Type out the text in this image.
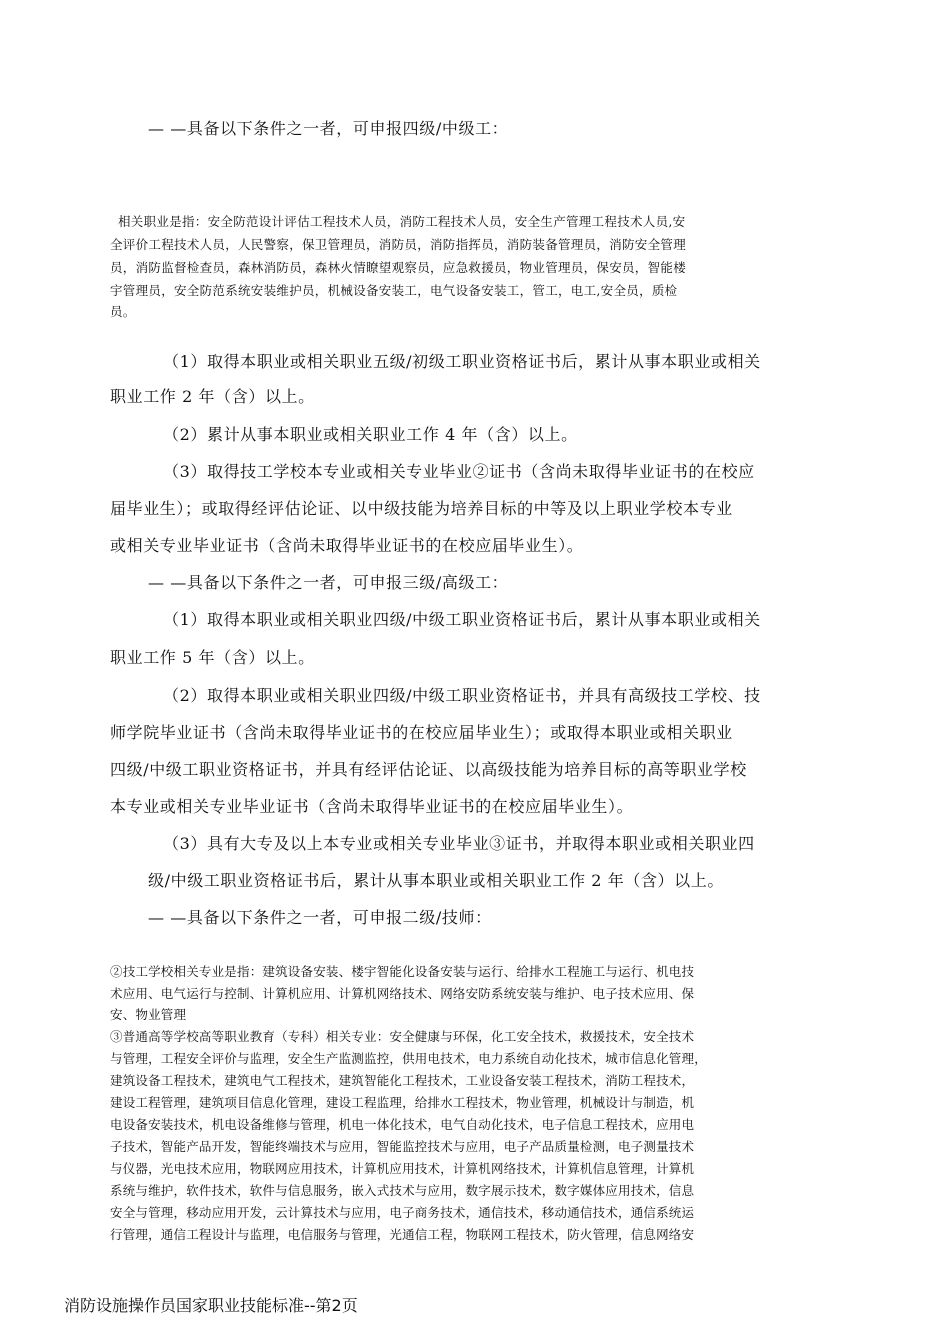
— —具备以下条件之一者，可申报四级/中级工：
相关职业是指：安全防范设计评估工程技术人员，消防工程技术人员，安全生产管理工程技术人员,安
全评价工程技术人员，人民警察，保卫管理员，消防员，消防指挥员，消防装备管理员，消防安全管理
员，消防监督检查员，森林消防员，森林火情瞭望观察员，应急救援员，物业管理员，保安员，智能楼
宇管理员，安全防范系统安装维护员，机械设备安装工，电气设备安装工，管工，电工,安全员，质检
员。
（1）取得本职业或相关职业五级/初级工职业资格证书后，累计从事本职业或相关
职业工作 2 年（含）以上。
（2）累计从事本职业或相关职业工作 4 年（含）以上。
（3）取得技工学校本专业或相关专业毕业②证书（含尚未取得毕业证书的在校应
届毕业生）；或取得经评估论证、以中级技能为培养目标的中等及以上职业学校本专业
或相关专业毕业证书（含尚未取得毕业证书的在校应届毕业生）。
— —具备以下条件之一者，可申报三级/高级工：
（1）取得本职业或相关职业四级/中级工职业资格证书后，累计从事本职业或相关
职业工作 5 年（含）以上。
（2）取得本职业或相关职业四级/中级工职业资格证书，并具有高级技工学校、技
师学院毕业证书（含尚未取得毕业证书的在校应届毕业生）；或取得本职业或相关职业
四级/中级工职业资格证书，并具有经评估论证、以高级技能为培养目标的高等职业学校
本专业或相关专业毕业证书（含尚未取得毕业证书的在校应届毕业生）。
（3）具有大专及以上本专业或相关专业毕业③证书，并取得本职业或相关职业四
级/中级工职业资格证书后，累计从事本职业或相关职业工作 2 年（含）以上。
— —具备以下条件之一者，可申报二级/技师：
②技工学校相关专业是指：建筑设备安装、楼宇智能化设备安装与运行、给排水工程施工与运行、机电技
术应用、电气运行与控制、计算机应用、计算机网络技术、网络安防系统安装与维护、电子技术应用、保
安、物业管理
③普通高等学校高等职业教育（专科）相关专业：安全健康与环保，化工安全技术，救援技术，安全技术
与管理，工程安全评价与监理，安全生产监测监控，供用电技术，电力系统自动化技术，城市信息化管理，
建筑设备工程技术，建筑电气工程技术，建筑智能化工程技术，工业设备安装工程技术，消防工程技术，
建设工程管理，建筑项目信息化管理，建设工程监理，给排水工程技术，物业管理，机械设计与制造，机
电设备安装技术，机电设备维修与管理，机电一体化技术，电气自动化技术，电子信息工程技术，应用电
子技术，智能产品开发，智能终端技术与应用，智能监控技术与应用，电子产品质量检测，电子测量技术
与仪器，光电技术应用，物联网应用技术，计算机应用技术，计算机网络技术，计算机信息管理，计算机
系统与维护，软件技术，软件与信息服务，嵌入式技术与应用，数字展示技术，数字媒体应用技术，信息
安全与管理，移动应用开发，云计算技术与应用，电子商务技术，通信技术，移动通信技术，通信系统运
行管理，通信工程设计与监理，电信服务与管理，光通信工程，物联网工程技术，防火管理，信息网络安
消防设施操作员国家职业技能标准--第2页
